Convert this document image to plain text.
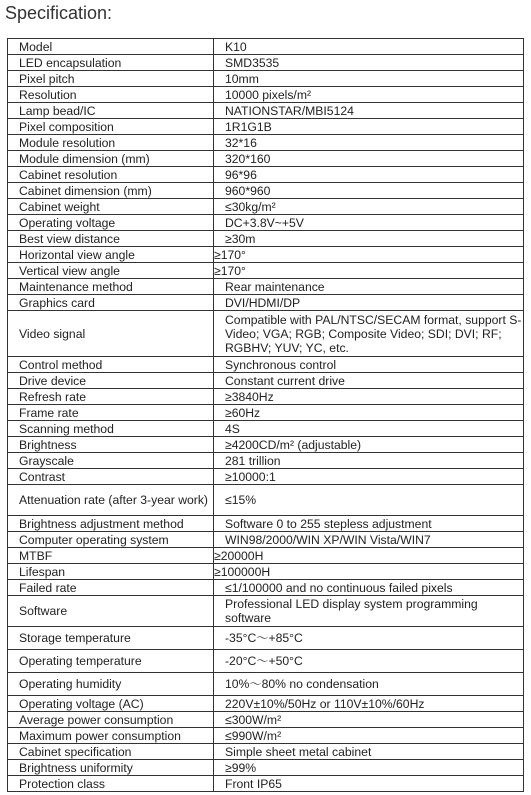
Specification:
Model	K10
LED encapsulation	SMD3535
Pixel pitch	10mm
Resolution	10000 pixels/m²
Lamp bead/IC	NATIONSTAR/MBI5124
Pixel composition	1R1G1B
Module resolution	32*16
Module dimension (mm)	320*160
Cabinet resolution	96*96
Cabinet dimension (mm)	960*960
Cabinet weight	≤30kg/m²
Operating voltage	DC+3.8V~+5V
Best view distance	≥30m
Horizontal view angle	≥170°
Vertical view angle	≥170°
Maintenance method	Rear maintenance
Graphics card	DVI/HDMI/DP
Video signal	Compatible with PAL/NTSC/SECAM format, support S-Video; VGA; RGB; Composite Video; SDI; DVI; RF; RGBHV; YUV; YC, etc.
Control method	Synchronous control
Drive device	Constant current drive
Refresh rate	≥3840Hz
Frame rate	≥60Hz
Scanning method	4S
Brightness	≥4200CD/m² (adjustable)
Grayscale	281 trillion
Contrast	≥10000:1
Attenuation rate (after 3-year work)	≤15%
Brightness adjustment method	Software 0 to 255 stepless adjustment
Computer operating system	WIN98/2000/WIN XP/WIN Vista/WIN7
MTBF	≥20000H
Lifespan	≥100000H
Failed rate	≤1/100000 and no continuous failed pixels
Software	Professional LED display system programming software
Storage temperature	-35°C～+85°C
Operating temperature	-20°C～+50°C
Operating humidity	10%～80% no condensation
Operating voltage (AC)	220V±10%/50Hz or 110V±10%/60Hz
Average power consumption	≤300W/m²
Maximum power consumption	≤990W/m²
Cabinet specification	Simple sheet metal cabinet
Brightness uniformity	≥99%
Protection class	Front IP65
